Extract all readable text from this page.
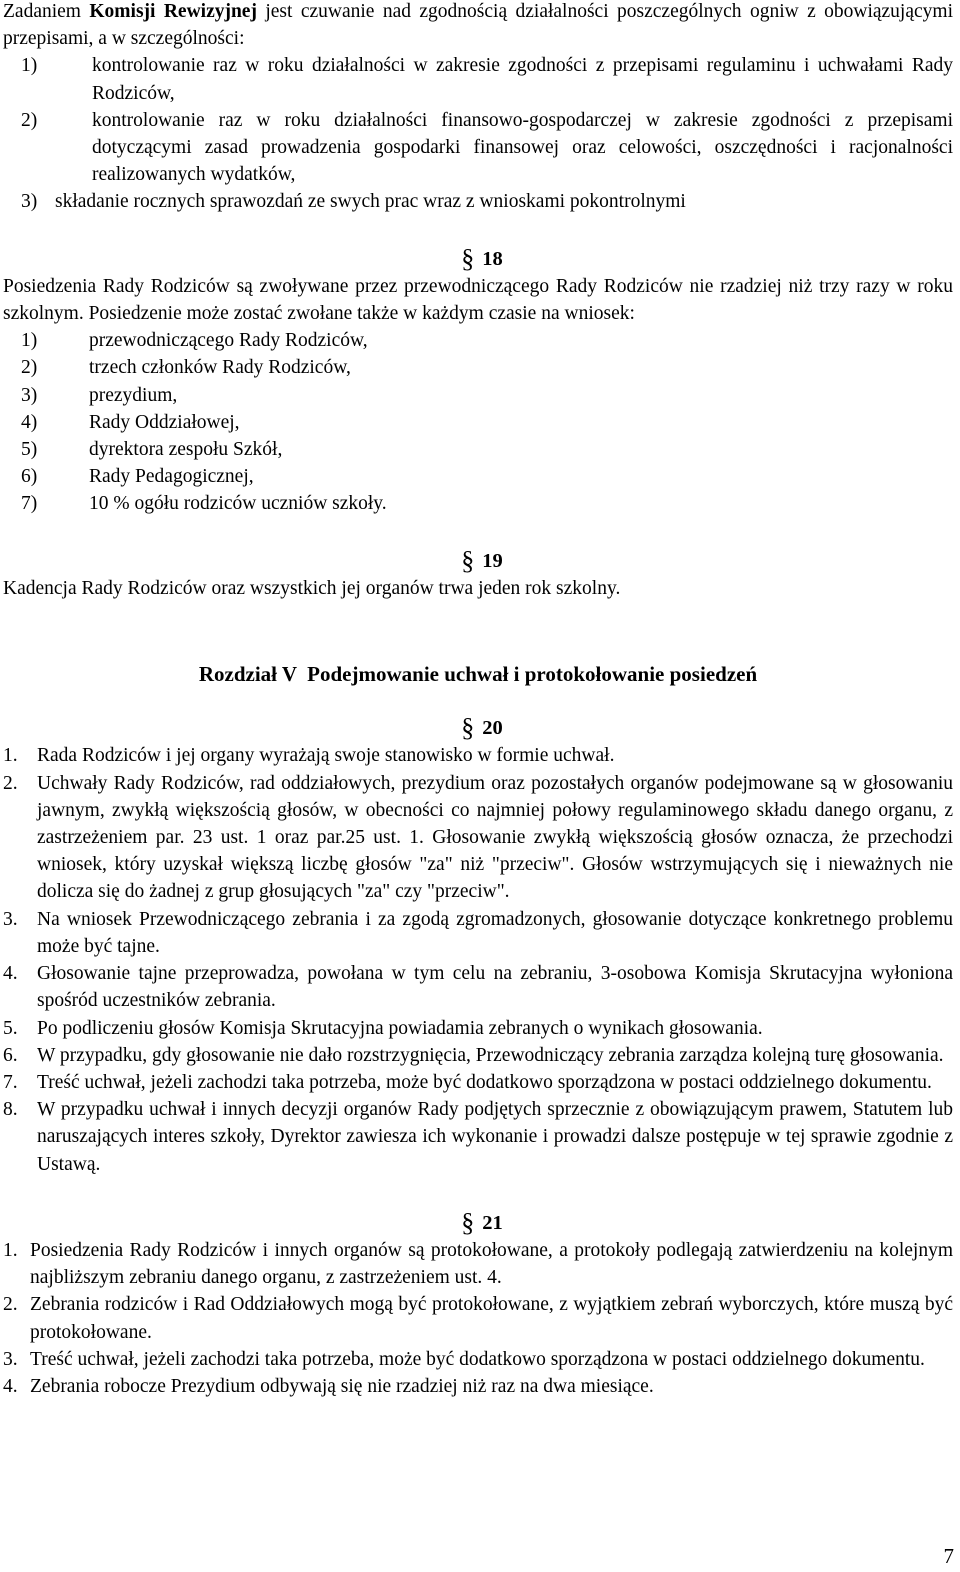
Zadaniem Komisji Rewizyjnej jest czuwanie nad zgodnością działalności poszczególnych ogniw z obowiązującymi przepisami, a w szczególności:

1)	kontrolowanie raz w roku działalności w zakresie zgodności z przepisami regulaminu i uchwałami Rady Rodziców,
2)	kontrolowanie raz w roku działalności finansowo-gospodarczej w zakresie zgodności z przepisami dotyczącymi zasad prowadzenia gospodarki finansowej oraz celowości, oszczędności i racjonalności realizowanych wydatków,
3) składanie rocznych sprawozdań ze swych prac wraz z wnioskami pokontrolnymi

§ 18

Posiedzenia Rady Rodziców są zwoływane przez przewodniczącego Rady Rodziców nie rzadziej niż trzy razy w roku szkolnym. Posiedzenie może zostać zwołane także w każdym czasie na wniosek:

1)	przewodniczącego Rady Rodziców,
2)	trzech członków Rady Rodziców,
3)	prezydium,
4)	Rady Oddziałowej,
5)	dyrektora zespołu Szkół,
6)	Rady Pedagogicznej,
7)	10 % ogółu rodziców uczniów szkoły.

§ 19

Kadencja Rady Rodziców oraz wszystkich jej organów trwa jeden rok szkolny.

Rozdział V  Podejmowanie uchwał i protokołowanie posiedzeń

§ 20

1. Rada Rodziców i jej organy wyrażają swoje stanowisko w formie uchwał.
2. Uchwały Rady Rodziców, rad oddziałowych, prezydium oraz pozostałych organów podejmowane są w głosowaniu jawnym, zwykłą większością głosów, w obecności co najmniej połowy regulaminowego składu danego organu, z zastrzeżeniem par. 23 ust. 1 oraz par.25 ust. 1. Głosowanie zwykłą większością głosów oznacza, że przechodzi wniosek, który uzyskał większą liczbę głosów "za" niż "przeciw". Głosów wstrzymujących się i nieważnych nie dolicza się do żadnej z grup głosujących "za" czy "przeciw".
3. Na wniosek Przewodniczącego zebrania i za zgodą zgromadzonych, głosowanie dotyczące konkretnego problemu może być tajne.
4. Głosowanie tajne przeprowadza, powołana w tym celu na zebraniu, 3-osobowa Komisja Skrutacyjna wyłoniona spośród uczestników zebrania.
5. Po podliczeniu głosów Komisja Skrutacyjna powiadamia zebranych o wynikach głosowania.
6. W przypadku, gdy głosowanie nie dało rozstrzygnięcia, Przewodniczący zebrania zarządza kolejną turę głosowania.
7. Treść uchwał, jeżeli zachodzi taka potrzeba, może być dodatkowo sporządzona w postaci oddzielnego dokumentu.
8. W przypadku uchwał i innych decyzji organów Rady podjętych sprzecznie z obowiązującym prawem, Statutem lub naruszających interes szkoły, Dyrektor zawiesza ich wykonanie i prowadzi dalsze postępuje w tej sprawie zgodnie z Ustawą.

§ 21

1. Posiedzenia Rady Rodziców i innych organów są protokołowane, a protokoły podlegają zatwierdzeniu na kolejnym najbliższym zebraniu danego organu, z zastrzeżeniem ust. 4.
2. Zebrania rodziców i Rad Oddziałowych mogą być protokołowane, z wyjątkiem zebrań wyborczych, które muszą być protokołowane.
3. Treść uchwał, jeżeli zachodzi taka potrzeba, może być dodatkowo sporządzona w postaci oddzielnego dokumentu.
4. Zebrania robocze Prezydium odbywają się nie rzadziej niż raz na dwa miesiące.
7
